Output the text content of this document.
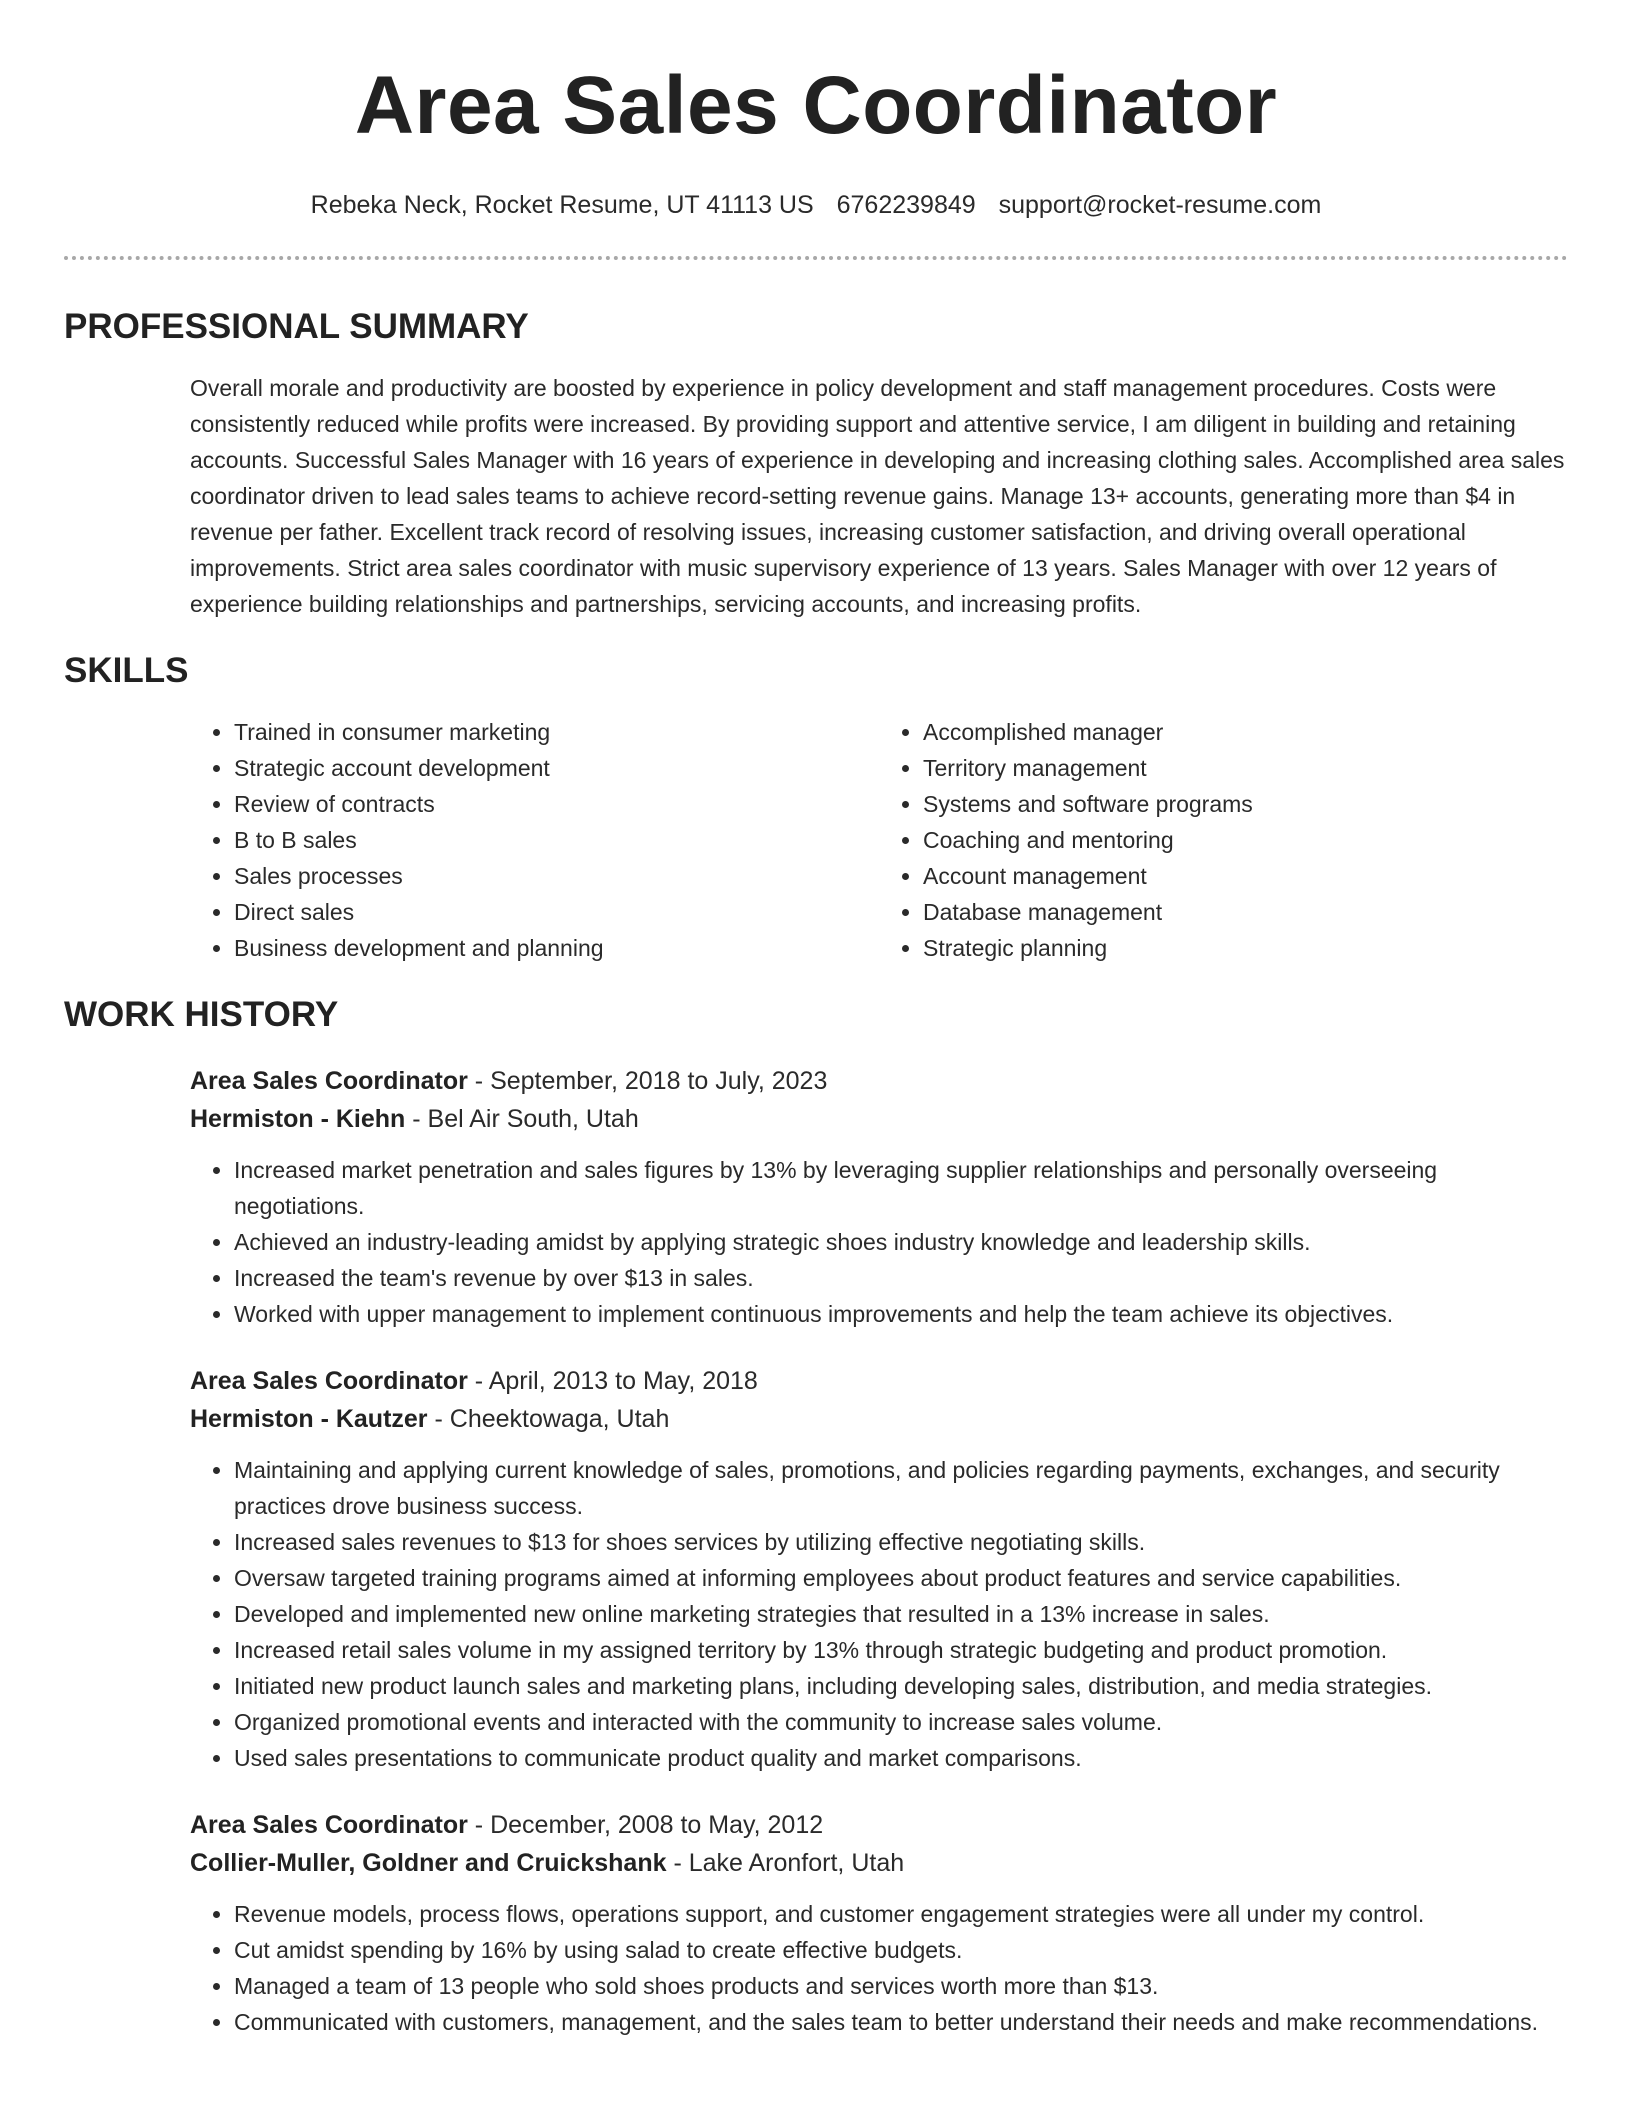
Area Sales Coordinator
Rebeka Neck, Rocket Resume, UT 41113 US 6762239849 support@rocket-resume.com
PROFESSIONAL SUMMARY

Overall morale and productivity are boosted by experience in policy development and staff management procedures. Costs were consistently reduced while profits were increased. By providing support and attentive service, I am diligent in building and retaining accounts. Successful Sales Manager with 16 years of experience in developing and increasing clothing sales. Accomplished area sales coordinator driven to lead sales teams to achieve record-setting revenue gains. Manage 13+ accounts, generating more than $4 in revenue per father. Excellent track record of resolving issues, increasing customer satisfaction, and driving overall operational improvements. Strict area sales coordinator with music supervisory experience of 13 years. Sales Manager with over 12 years of experience building relationships and partnerships, servicing accounts, and increasing profits.

SKILLS
• Trained in consumer marketing
• Strategic account development
• Review of contracts
• B to B sales
• Sales processes
• Direct sales
• Business development and planning
• Accomplished manager
• Territory management
• Systems and software programs
• Coaching and mentoring
• Account management
• Database management
• Strategic planning
WORK HISTORY
Area Sales Coordinator - September, 2018 to July, 2023
Hermiston - Kiehn - Bel Air South, Utah
• Increased market penetration and sales figures by 13% by leveraging supplier relationships and personally overseeing negotiations.
• Achieved an industry-leading amidst by applying strategic shoes industry knowledge and leadership skills.
• Increased the team's revenue by over $13 in sales.
• Worked with upper management to implement continuous improvements and help the team achieve its objectives.
Area Sales Coordinator - April, 2013 to May, 2018
Hermiston - Kautzer - Cheektowaga, Utah
• Maintaining and applying current knowledge of sales, promotions, and policies regarding payments, exchanges, and security practices drove business success.
• Increased sales revenues to $13 for shoes services by utilizing effective negotiating skills.
• Oversaw targeted training programs aimed at informing employees about product features and service capabilities.
• Developed and implemented new online marketing strategies that resulted in a 13% increase in sales.
• Increased retail sales volume in my assigned territory by 13% through strategic budgeting and product promotion.
• Initiated new product launch sales and marketing plans, including developing sales, distribution, and media strategies.
• Organized promotional events and interacted with the community to increase sales volume.
• Used sales presentations to communicate product quality and market comparisons.
Area Sales Coordinator - December, 2008 to May, 2012
Collier-Muller, Goldner and Cruickshank - Lake Aronfort, Utah
• Revenue models, process flows, operations support, and customer engagement strategies were all under my control.
• Cut amidst spending by 16% by using salad to create effective budgets.
• Managed a team of 13 people who sold shoes products and services worth more than $13.
• Communicated with customers, management, and the sales team to better understand their needs and make recommendations.
